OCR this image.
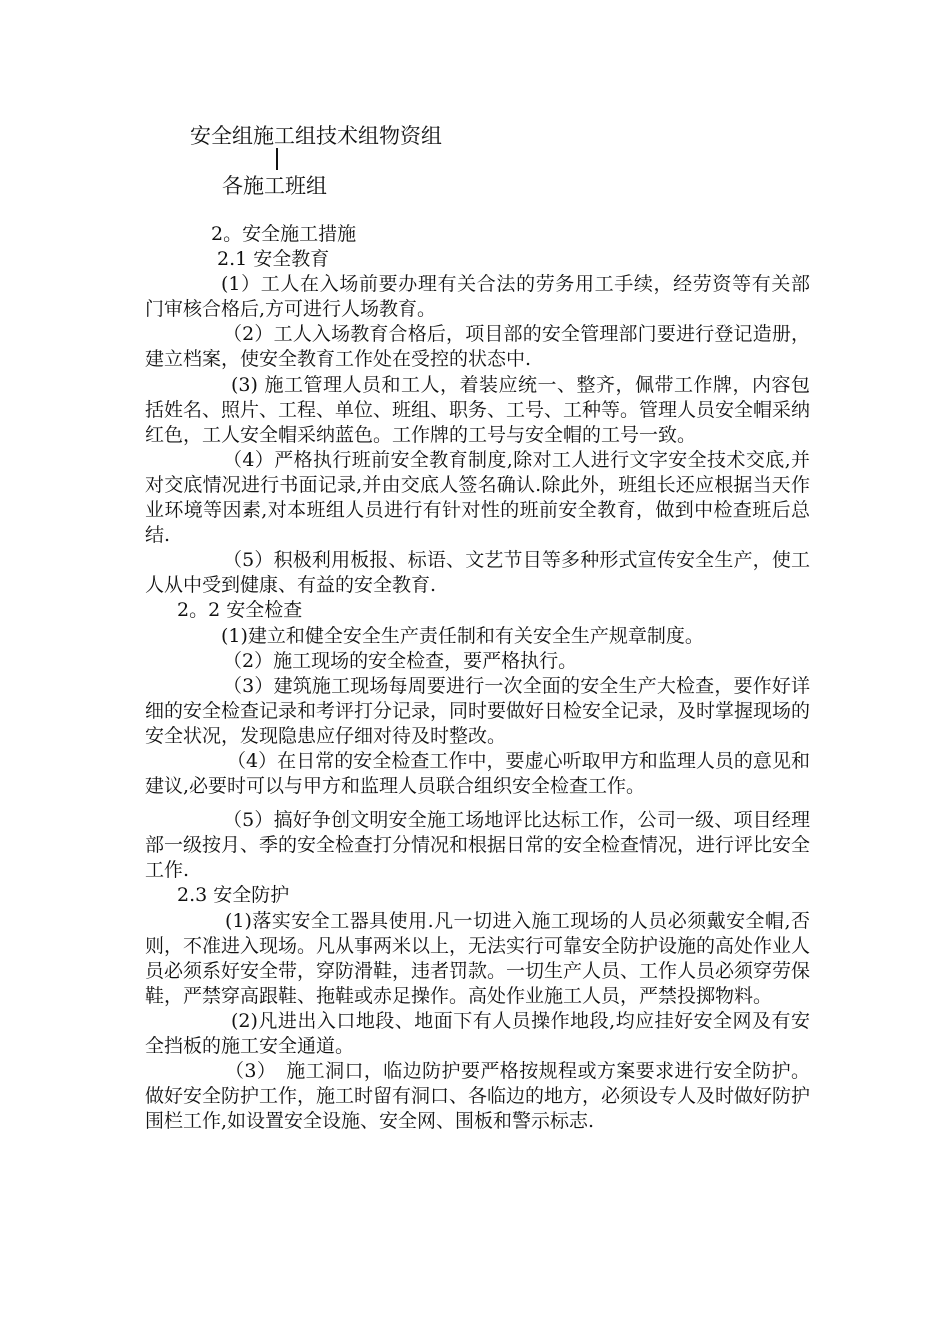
安全组施工组技术组物资组
各施工班组

2。安全施工措施

2.1 安全教育

(1）工人在入场前要办理有关合法的劳务用工手续，经劳资等有关部门审核合格后,方可进行人场教育。

（2）工人入场教育合格后，项目部的安全管理部门要进行登记造册，建立档案，使安全教育工作处在受控的状态中.

(3) 施工管理人员和工人，着装应统一、整齐，佩带工作牌，内容包括姓名、照片、工程、单位、班组、职务、工号、工种等。管理人员安全帽采纳红色，工人安全帽采纳蓝色。工作牌的工号与安全帽的工号一致。

（4）严格执行班前安全教育制度,除对工人进行文字安全技术交底,并对交底情况进行书面记录,并由交底人签名确认.除此外，班组长还应根据当天作业环境等因素,对本班组人员进行有针对性的班前安全教育，做到中检查班后总结.

（5）积极利用板报、标语、文艺节目等多种形式宣传安全生产，使工人从中受到健康、有益的安全教育.

2。2 安全检查

(1)建立和健全安全生产责任制和有关安全生产规章制度。

（2）施工现场的安全检查，要严格执行。

（3）建筑施工现场每周要进行一次全面的安全生产大检查，要作好详细的安全检查记录和考评打分记录，同时要做好日检安全记录，及时掌握现场的安全状况，发现隐患应仔细对待及时整改。

（4）在日常的安全检查工作中，要虚心听取甲方和监理人员的意见和建议,必要时可以与甲方和监理人员联合组织安全检查工作。

（5）搞好争创文明安全施工场地评比达标工作，公司一级、项目经理部一级按月、季的安全检查打分情况和根据日常的安全检查情况，进行评比安全工作.

2.3 安全防护

(1)落实安全工器具使用.凡一切进入施工现场的人员必须戴安全帽,否则，不准进入现场。凡从事两米以上，无法实行可靠安全防护设施的高处作业人员必须系好安全带，穿防滑鞋，违者罚款。一切生产人员、工作人员必须穿劳保鞋，严禁穿高跟鞋、拖鞋或赤足操作。高处作业施工人员，严禁投掷物料。

(2)凡进出入口地段、地面下有人员操作地段,均应挂好安全网及有安全挡板的施工安全通道。

（3）　施工洞口，临边防护要严格按规程或方案要求进行安全防护。做好安全防护工作，施工时留有洞口、各临边的地方，必须设专人及时做好防护围栏工作,如设置安全设施、安全网、围板和警示标志.
